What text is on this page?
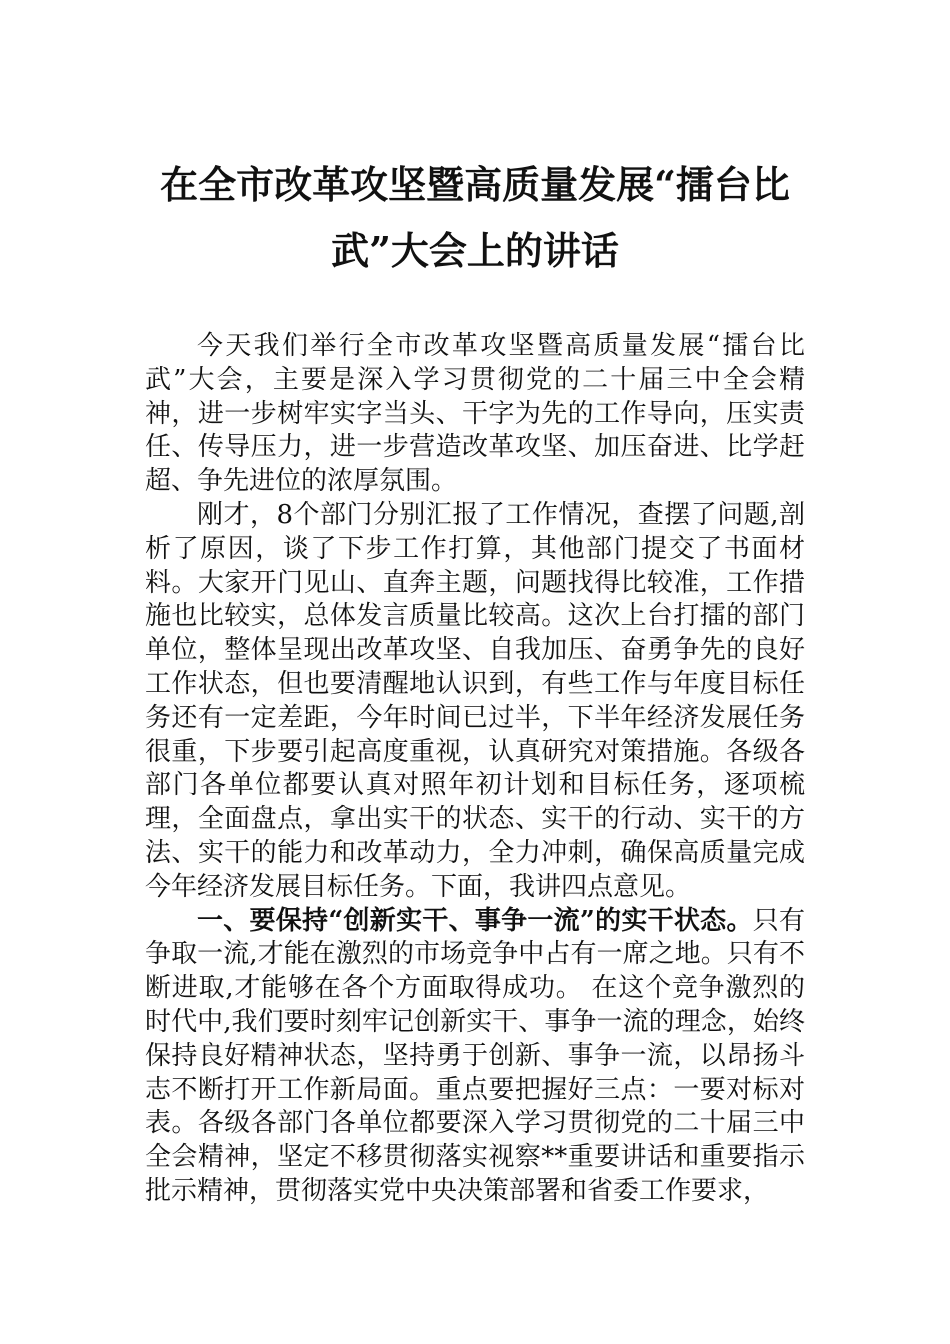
在全市改革攻坚暨高质量发展“擂台比
武”大会上的讲话

今天我们举行全市改革攻坚暨高质量发展“擂台比武”大会，主要是深入学习贯彻党的二十届三中全会精神，进一步树牢实字当头、干字为先的工作导向，压实责任、传导压力，进一步营造改革攻坚、加压奋进、比学赶超、争先进位的浓厚氛围。

刚才，8个部门分别汇报了工作情况，查摆了问题,剖析了原因，谈了下步工作打算，其他部门提交了书面材料。大家开门见山、直奔主题，问题找得比较准，工作措施也比较实，总体发言质量比较高。这次上台打擂的部门单位，整体呈现出改革攻坚、自我加压、奋勇争先的良好工作状态，但也要清醒地认识到，有些工作与年度目标任务还有一定差距，今年时间已过半，下半年经济发展任务很重，下步要引起高度重视，认真研究对策措施。各级各部门各单位都要认真对照年初计划和目标任务，逐项梳理，全面盘点，拿出实干的状态、实干的行动、实干的方法、实干的能力和改革动力，全力冲刺，确保高质量完成今年经济发展目标任务。下面，我讲四点意见。

一、要保持“创新实干、事争一流”的实干状态。只有争取一流,才能在激烈的市场竞争中占有一席之地。只有不断进取,才能够在各个方面取得成功。 在这个竞争激烈的时代中,我们要时刻牢记创新实干、事争一流的理念，始终保持良好精神状态，坚持勇于创新、事争一流，以昂扬斗志不断打开工作新局面。重点要把握好三点：一要对标对表。各级各部门各单位都要深入学习贯彻党的二十届三中全会精神，坚定不移贯彻落实视察**重要讲话和重要指示批示精神，贯彻落实党中央决策部署和省委工作要求，
